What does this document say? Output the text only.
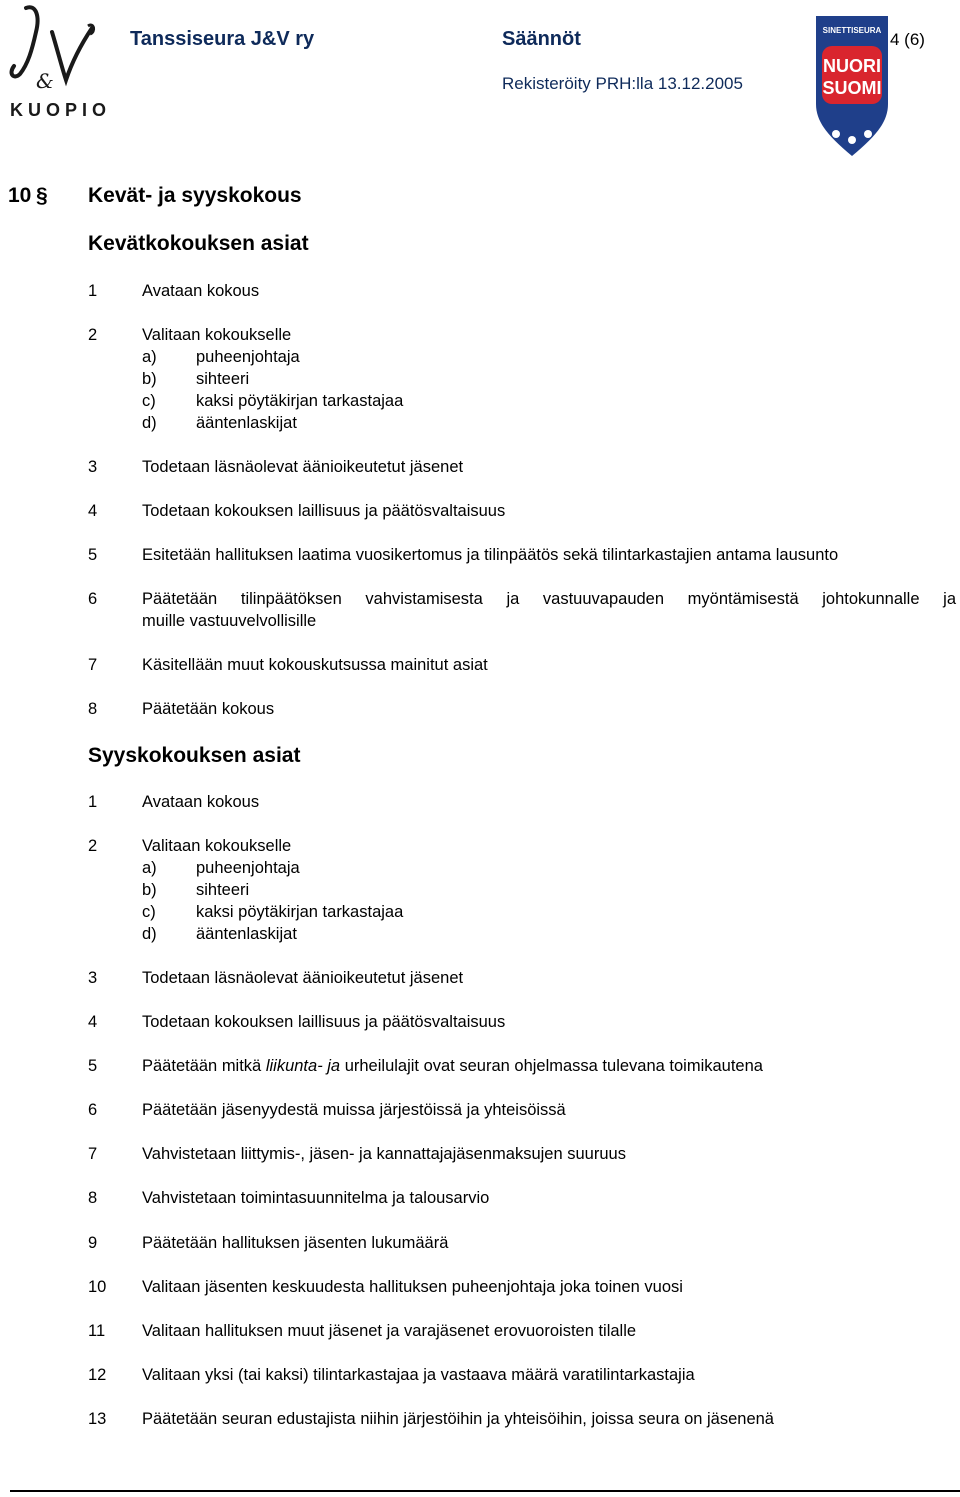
&
KUOPIO
Tanssiseura J&V ry	Säännöt	4 (6)
Rekisteröity PRH:lla 13.12.2005
SINETTISEURA
NUORI
SUOMI
10 § Kevät- ja syyskokous
Kevätkokouksen asiat
1	Avataan kokous
2	Valitaan kokoukselle
a) puheenjohtaja
b) sihteeri
c) kaksi pöytäkirjan tarkastajaa
d) ääntenlaskijat
3	Todetaan läsnäolevat äänioikeutetut jäsenet
4	Todetaan kokouksen laillisuus ja päätösvaltaisuus
5	Esitetään hallituksen laatima vuosikertomus ja tilinpäätös sekä tilintarkastajien antama lausunto
6	Päätetään tilinpäätöksen vahvistamisesta ja vastuuvapauden myöntämisestä johtokunnalle ja
muille vastuuvelvollisille
7	Käsitellään muut kokouskutsussa mainitut asiat
8	Päätetään kokous
Syyskokouksen asiat
1	Avataan kokous
2	Valitaan kokoukselle
a) puheenjohtaja
b) sihteeri
c) kaksi pöytäkirjan tarkastajaa
d) ääntenlaskijat
3	Todetaan läsnäolevat äänioikeutetut jäsenet
4	Todetaan kokouksen laillisuus ja päätösvaltaisuus
5	Päätetään mitkä liikunta- ja urheilulajit ovat seuran ohjelmassa tulevana toimikautena
6	Päätetään jäsenyydestä muissa järjestöissä ja yhteisöissä
7	Vahvistetaan liittymis-, jäsen- ja kannattajajäsenmaksujen suuruus
8	Vahvistetaan toimintasuunnitelma ja talousarvio
9	Päätetään hallituksen jäsenten lukumäärä
10 Valitaan jäsenten keskuudesta hallituksen puheenjohtaja joka toinen vuosi
11 Valitaan hallituksen muut jäsenet ja varajäsenet erovuoroisten tilalle
12 Valitaan yksi (tai kaksi) tilintarkastajaa ja vastaava määrä varatilintarkastajia
13 Päätetään seuran edustajista niihin järjestöihin ja yhteisöihin, joissa seura on jäsenenä
